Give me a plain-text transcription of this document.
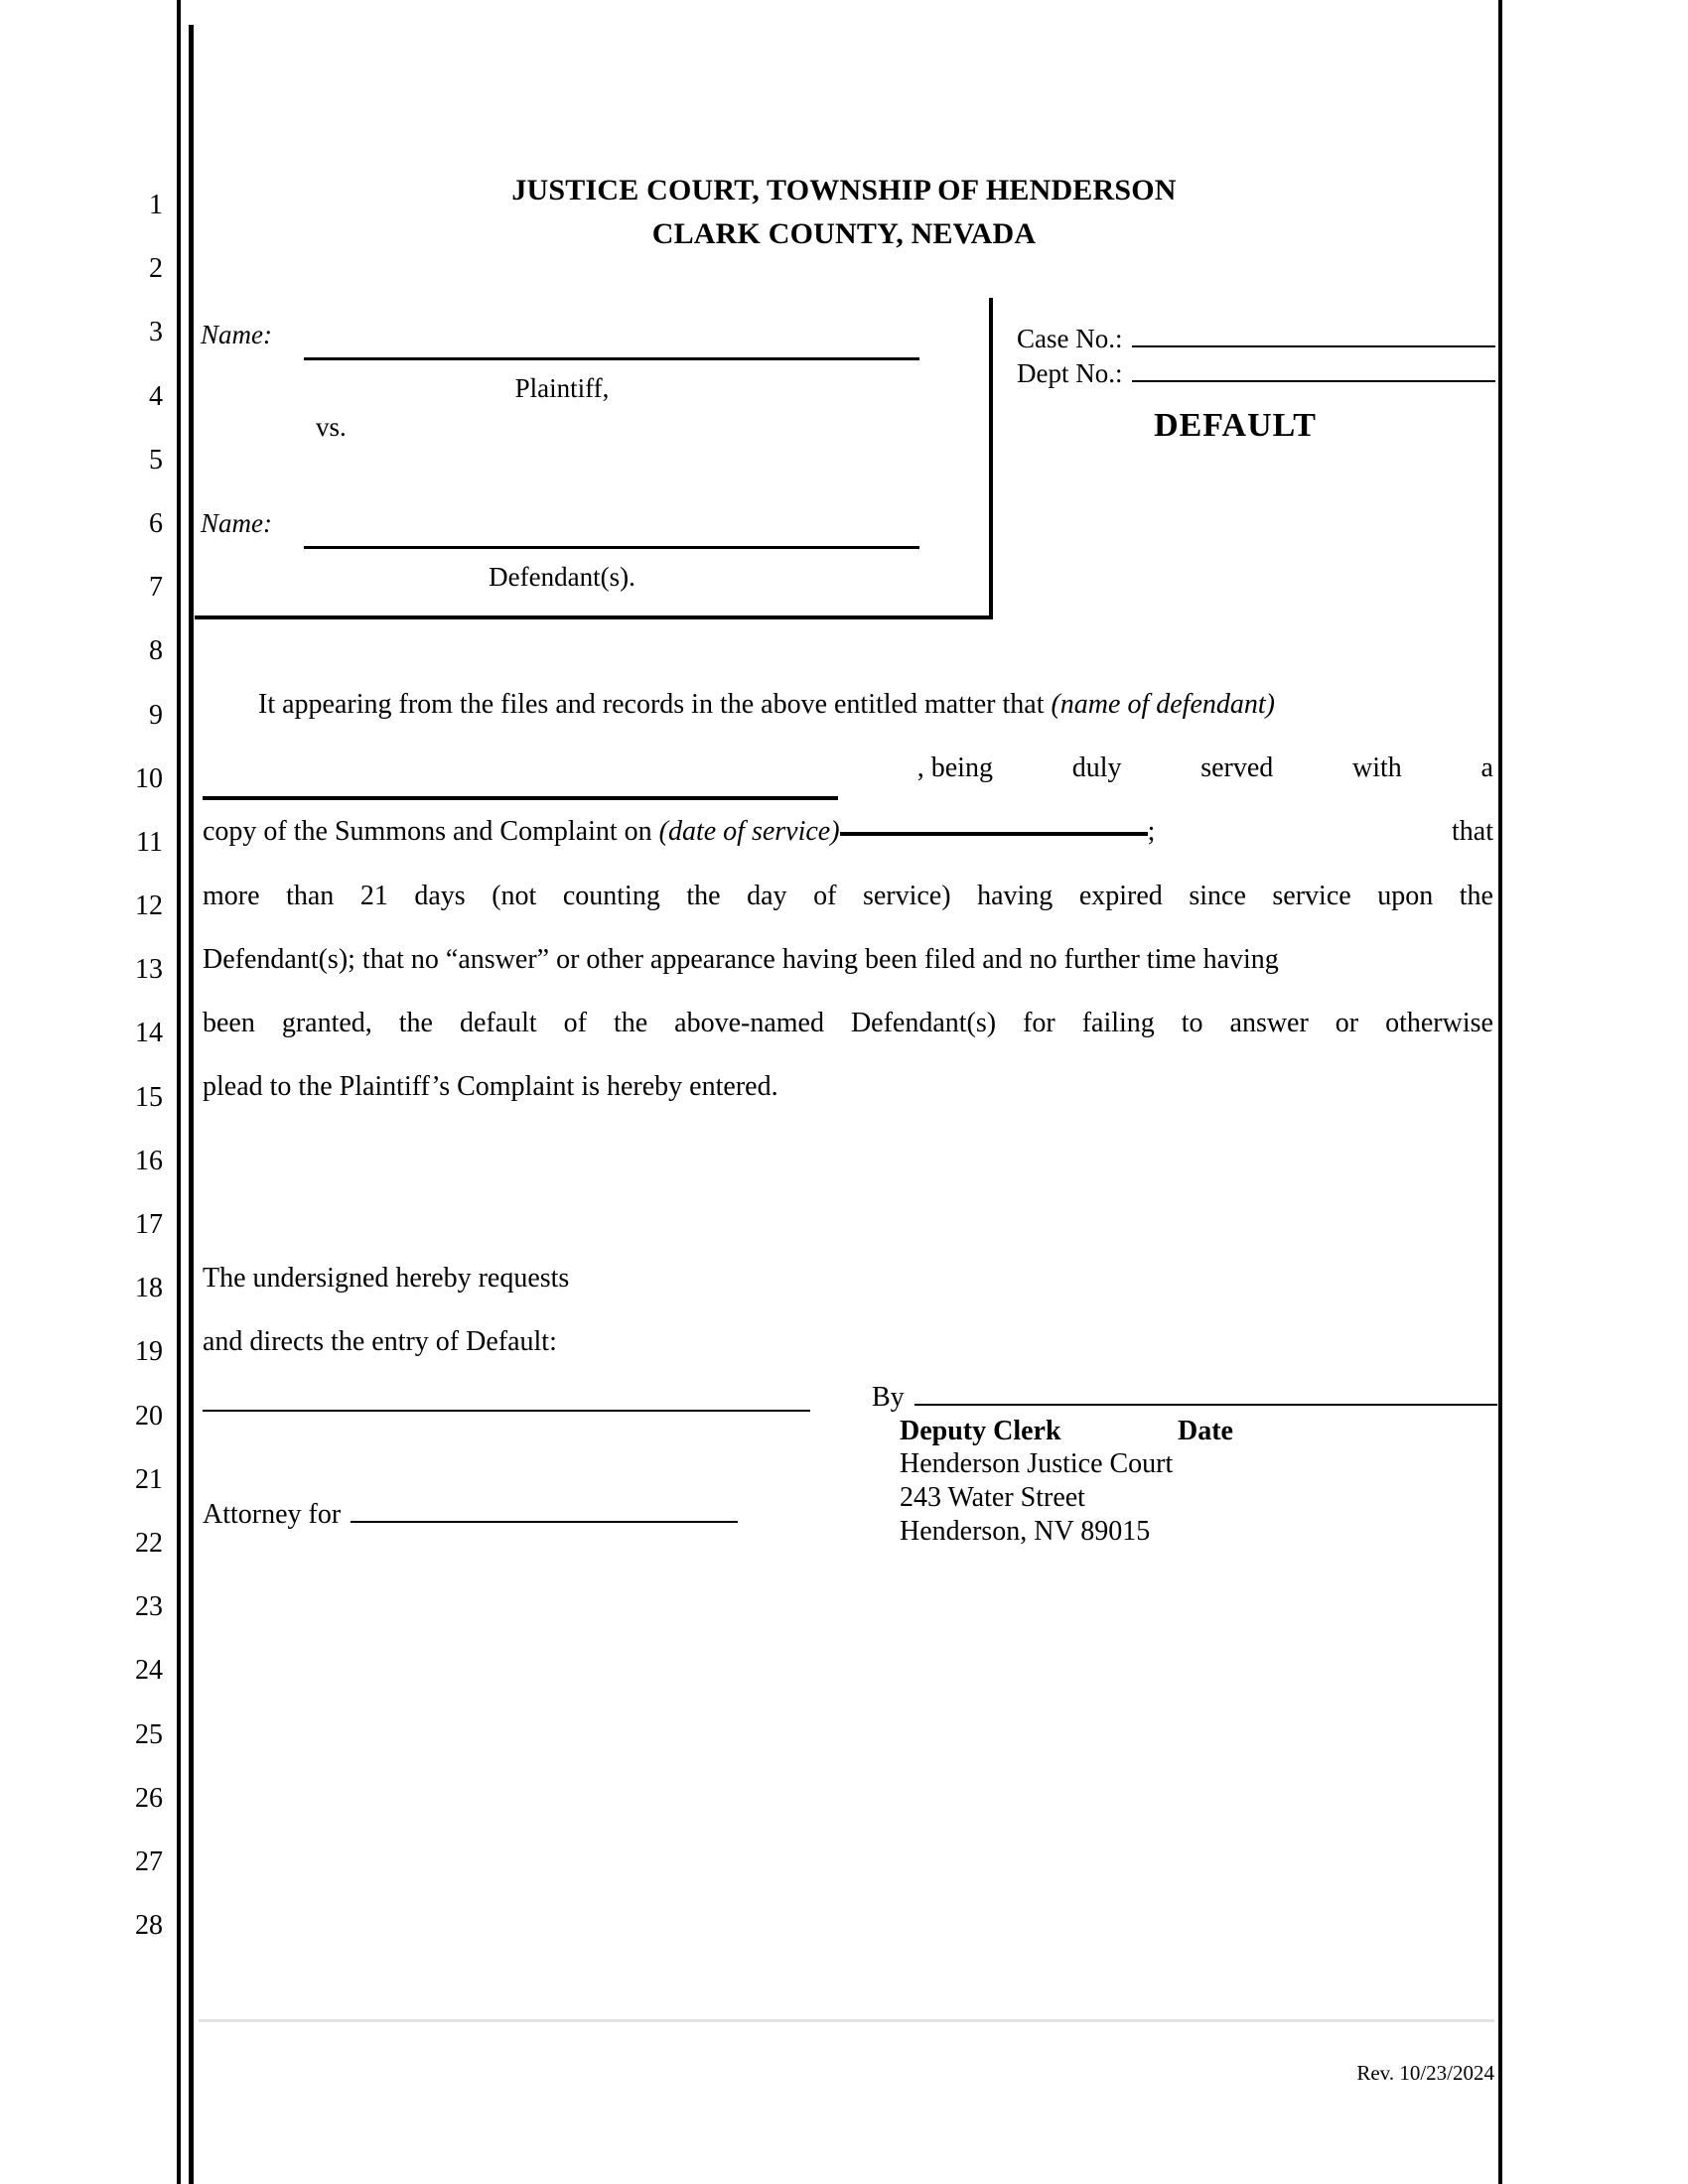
1
2
3
4
5
6
7
8
9
10
11
12
13
14
15
16
17
18
19
20
21
22
23
24
25
26
27
28
JUSTICE COURT, TOWNSHIP OF HENDERSON
CLARK COUNTY, NEVADA
Name:
Plaintiff,
vs.
Name:
Defendant(s).
Case No.:
Dept No.:
DEFAULT
It appearing from the files and records in the above entitled matter that (name of defendant)
, being	duly	served	with	a
copy of the Summons and Complaint on (date of service)	;	that
more than 21 days (not counting the day of service) having expired since service upon the
Defendant(s); that no “answer” or other appearance having been filed and no further time having
been granted, the default of the above-named Defendant(s) for failing to answer or otherwise
plead to the Plaintiff’s Complaint is hereby entered.
The undersigned hereby requests
and directs the entry of Default:
Attorney for
By
Deputy Clerk	Date
Henderson Justice Court
243 Water Street
Henderson, NV 89015
Rev. 10/23/2024
